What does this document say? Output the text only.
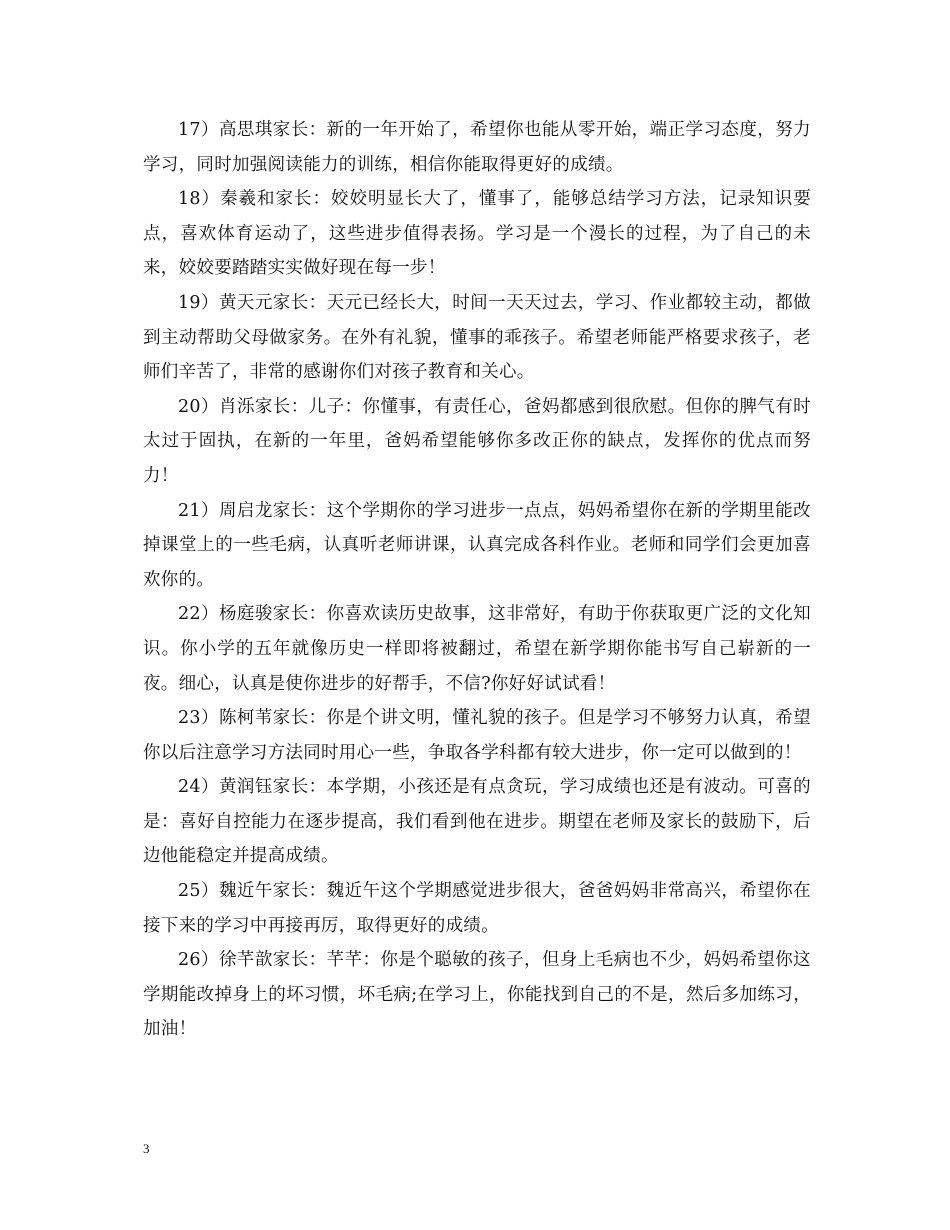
17）高思琪家长：新的一年开始了，希望你也能从零开始，端正学习态度，努力学习，同时加强阅读能力的训练，相信你能取得更好的成绩。

18）秦羲和家长：姣姣明显长大了，懂事了，能够总结学习方法，记录知识要点，喜欢体育运动了，这些进步值得表扬。学习是一个漫长的过程，为了自己的未来，姣姣要踏踏实实做好现在每一步！

19）黄天元家长：天元已经长大，时间一天天过去，学习、作业都较主动，都做到主动帮助父母做家务。在外有礼貌，懂事的乖孩子。希望老师能严格要求孩子，老师们辛苦了，非常的感谢你们对孩子教育和关心。

20）肖泺家长：儿子：你懂事，有责任心，爸妈都感到很欣慰。但你的脾气有时太过于固执，在新的一年里，爸妈希望能够你多改正你的缺点，发挥你的优点而努力！

21）周启龙家长：这个学期你的学习进步一点点，妈妈希望你在新的学期里能改掉课堂上的一些毛病，认真听老师讲课，认真完成各科作业。老师和同学们会更加喜欢你的。

22）杨庭骏家长：你喜欢读历史故事，这非常好，有助于你获取更广泛的文化知识。你小学的五年就像历史一样即将被翻过，希望在新学期你能书写自己崭新的一夜。细心，认真是使你进步的好帮手，不信?你好好试试看！

23）陈柯苇家长：你是个讲文明，懂礼貌的孩子。但是学习不够努力认真，希望你以后注意学习方法同时用心一些，争取各学科都有较大进步，你一定可以做到的！

24）黄润钰家长：本学期，小孩还是有点贪玩，学习成绩也还是有波动。可喜的是：喜好自控能力在逐步提高，我们看到他在进步。期望在老师及家长的鼓励下，后边他能稳定并提高成绩。

25）魏近午家长：魏近午这个学期感觉进步很大，爸爸妈妈非常高兴，希望你在接下来的学习中再接再厉，取得更好的成绩。

26）徐芊歆家长：芊芊：你是个聪敏的孩子，但身上毛病也不少，妈妈希望你这学期能改掉身上的坏习惯，坏毛病;在学习上，你能找到自己的不是，然后多加练习，加油！

3
